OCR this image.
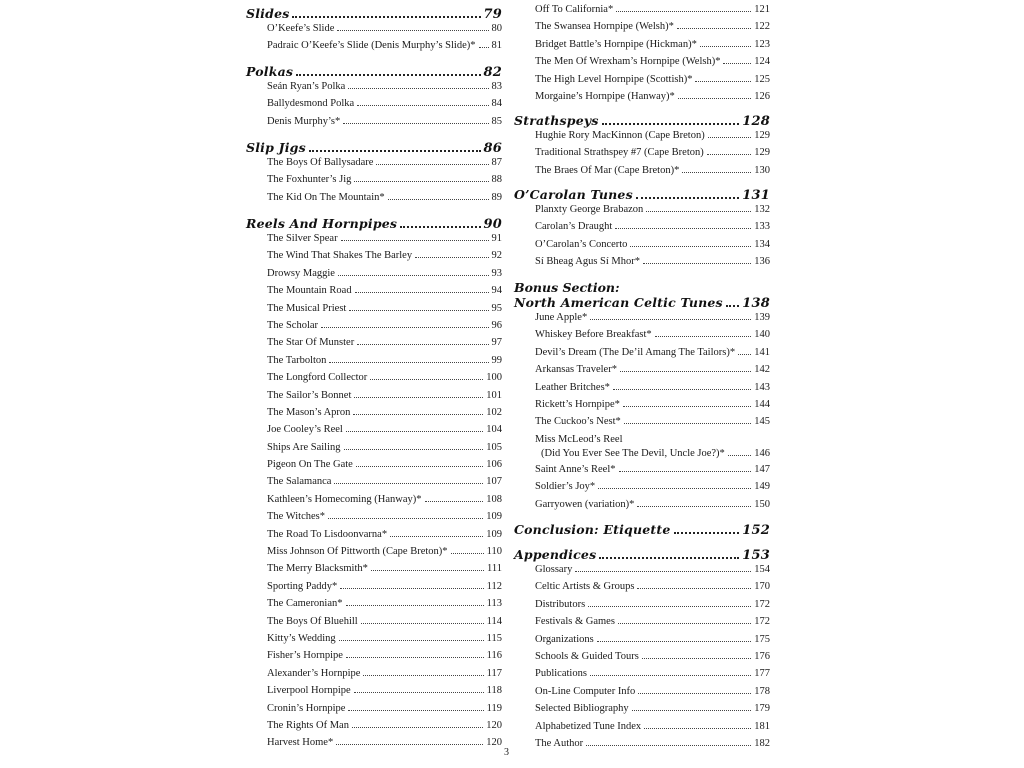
Slides	79
O’Keefe’s Slide	80
Padraic O’Keefe’s Slide (Denis Murphy’s Slide)* 81
Polkas	82
Seán Ryan’s Polka	83
Ballydesmond Polka	84
Denis Murphy’s*	85
Slip Jigs	86
The Boys Of Ballysadare	87
The Foxhunter’s Jig	88
The Kid On The Mountain*	89
Reels And Hornpipes	90
The Silver Spear	91
The Wind That Shakes The Barley	92
Drowsy Maggie	93
The Mountain Road	94
The Musical Priest	95
The Scholar	96
The Star Of Munster	97
The Tarbolton	99
The Longford Collector	100
The Sailor’s Bonnet	101
The Mason’s Apron	102
Joe Cooley’s Reel	104
Ships Are Sailing	105
Pigeon On The Gate	106
The Salamanca	107
Kathleen’s Homecoming (Hanway)*	108
The Witches*	109
The Road To Lisdoonvarna*	109
Miss Johnson Of Pittworth (Cape Breton)*	110
The Merry Blacksmith*	111
Sporting Paddy*	112
The Cameronian*	113
The Boys Of Bluehill	114
Kitty’s Wedding	115
Fisher’s Hornpipe	116
Alexander’s Hornpipe	117
Liverpool Hornpipe	118
Cronin’s Hornpipe	119
The Rights Of Man	120
Harvest Home*	120
Off To California*	121
The Swansea Hornpipe (Welsh)*	122
Bridget Battle’s Hornpipe (Hickman)*	123
The Men Of Wrexham’s Hornpipe (Welsh)*	124
The High Level Hornpipe (Scottish)*	125
Morgaine’s Hornpipe (Hanway)*	126
Strathspeys	128
Hughie Rory MacKinnon (Cape Breton)	129
Traditional Strathspey #7 (Cape Breton)	129
The Braes Of Mar (Cape Breton)*	130
O’Carolan Tunes	131
Planxty George Brabazon	132
Carolan’s Draught	133
O’Carolan’s Concerto	134
Sí Bheag Agus Sí Mhor*	136
Bonus Section:
North American Celtic Tunes 138
June Apple*	139
Whiskey Before Breakfast*	140
Devil’s Dream (The De’il Amang The Tailors)* 141
Arkansas Traveler*	142
Leather Britches*	143
Rickett’s Hornpipe*	144
The Cuckoo’s Nest*	145
Miss McLeod’s Reel
(Did You Ever See The Devil, Uncle Joe?)*	146
Saint Anne’s Reel*	147
Soldier’s Joy*	149
Garryowen (variation)*	150
Conclusion: Etiquette	152
Appendices	153
Glossary	154
Celtic Artists & Groups	170
Distributors	172
Festivals & Games	172
Organizations	175
Schools & Guided Tours	176
Publications	177
On-Line Computer Info	178
Selected Bibliography	179
Alphabetized Tune Index	181
The Author	182
3
